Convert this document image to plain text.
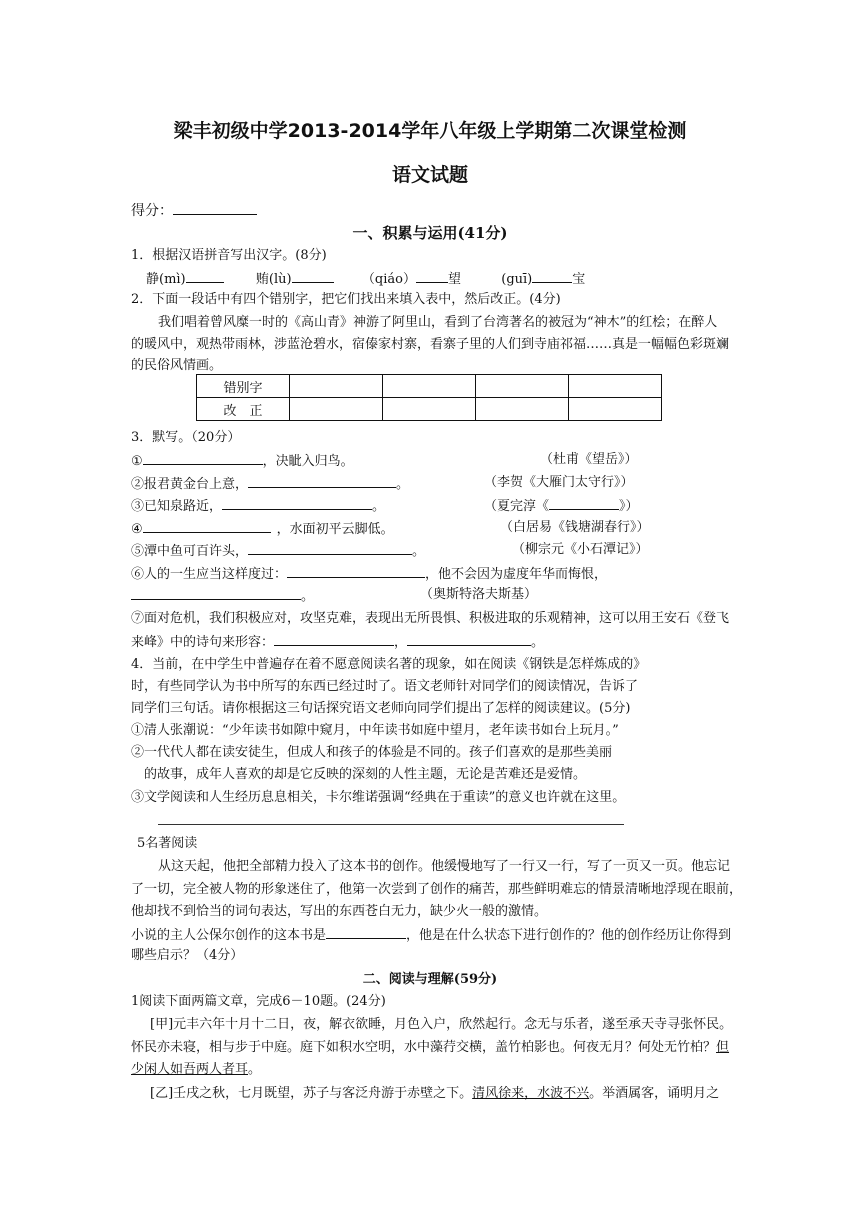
梁丰初级中学2013-2014学年八年级上学期第二次课堂检测
语文试题
得分：
一、积累与运用(41分)
1．根据汉语拼音写出汉字。(8分)
静(mì)	贿(lù)	（qiáo） 望	(guī)	宝
2．下面一段话中有四个错别字，把它们找出来填入表中，然后改正。(4分)
我们唱着曾风糜一时的《高山青》神游了阿里山，看到了台湾著名的被冠为“神木”的红桧；在醉人
的暖风中，观热带雨林，涉蓝沧碧水，宿傣家村寨，看寨子里的人们到寺庙祁福……真是一幅幅色彩斑斓
的民俗风情画。
错别字				
改　正				
3．默写。（20分）
①	，决眦入归鸟。	（杜甫《望岳》）
②报君黄金台上意，	。	（李贺《大雁门太守行》）
③已知泉路近，	。	（夏完淳《	》）
④	，水面初平云脚低。	（白居易《钱塘湖春行》）
⑤潭中鱼可百许头，	。	（柳宗元《小石潭记》）
⑥人的一生应当这样度过：	，他不会因为虚度年华而悔恨，
。	（奥斯特洛夫斯基）
⑦面对危机，我们积极应对，攻坚克难，表现出无所畏惧、积极进取的乐观精神，这可以用王安石《登飞
来峰》中的诗句来形容：	，	。
4．当前，在中学生中普遍存在着不愿意阅读名著的现象，如在阅读《钢铁是怎样炼成的》
时，有些同学认为书中所写的东西已经过时了。语文老师针对同学们的阅读情况，告诉了
同学们三句话。请你根据这三句话探究语文老师向同学们提出了怎样的阅读建议。(5分)
①清人张潮说：“少年读书如隙中窥月，中年读书如庭中望月，老年读书如台上玩月。”
②一代代人都在读安徒生，但成人和孩子的体验是不同的。孩子们喜欢的是那些美丽
的故事，成年人喜欢的却是它反映的深刻的人性主题，无论是苦难还是爱情。
③文学阅读和人生经历息息相关，卡尔维诺强调“经典在于重读”的意义也许就在这里。
5名著阅读
从这天起，他把全部精力投入了这本书的创作。他缓慢地写了一行又一行，写了一页又一页。他忘记
了一切，完全被人物的形象迷住了，他第一次尝到了创作的痛苦，那些鲜明难忘的情景清晰地浮现在眼前，
他却找不到恰当的词句表达，写出的东西苍白无力，缺少火一般的激情。
小说的主人公保尔创作的这本书是	，他是在什么状态下进行创作的？他的创作经历让你得到
哪些启示？（4分）
二、阅读与理解(59分)
1阅读下面两篇文章，完成6－10题。(24分)
[甲]元丰六年十月十二日，夜，解衣欲睡，月色入户，欣然起行。念无与乐者，遂至承天寺寻张怀民。
怀民亦未寝，相与步于中庭。庭下如积水空明，水中藻荇交横，盖竹柏影也。何夜无月？何处无竹柏？但
少闲人如吾两人者耳。
[乙]壬戌之秋，七月既望，苏子与客泛舟游于赤壁之下。清风徐来，水波不兴。举酒属客，诵明月之
